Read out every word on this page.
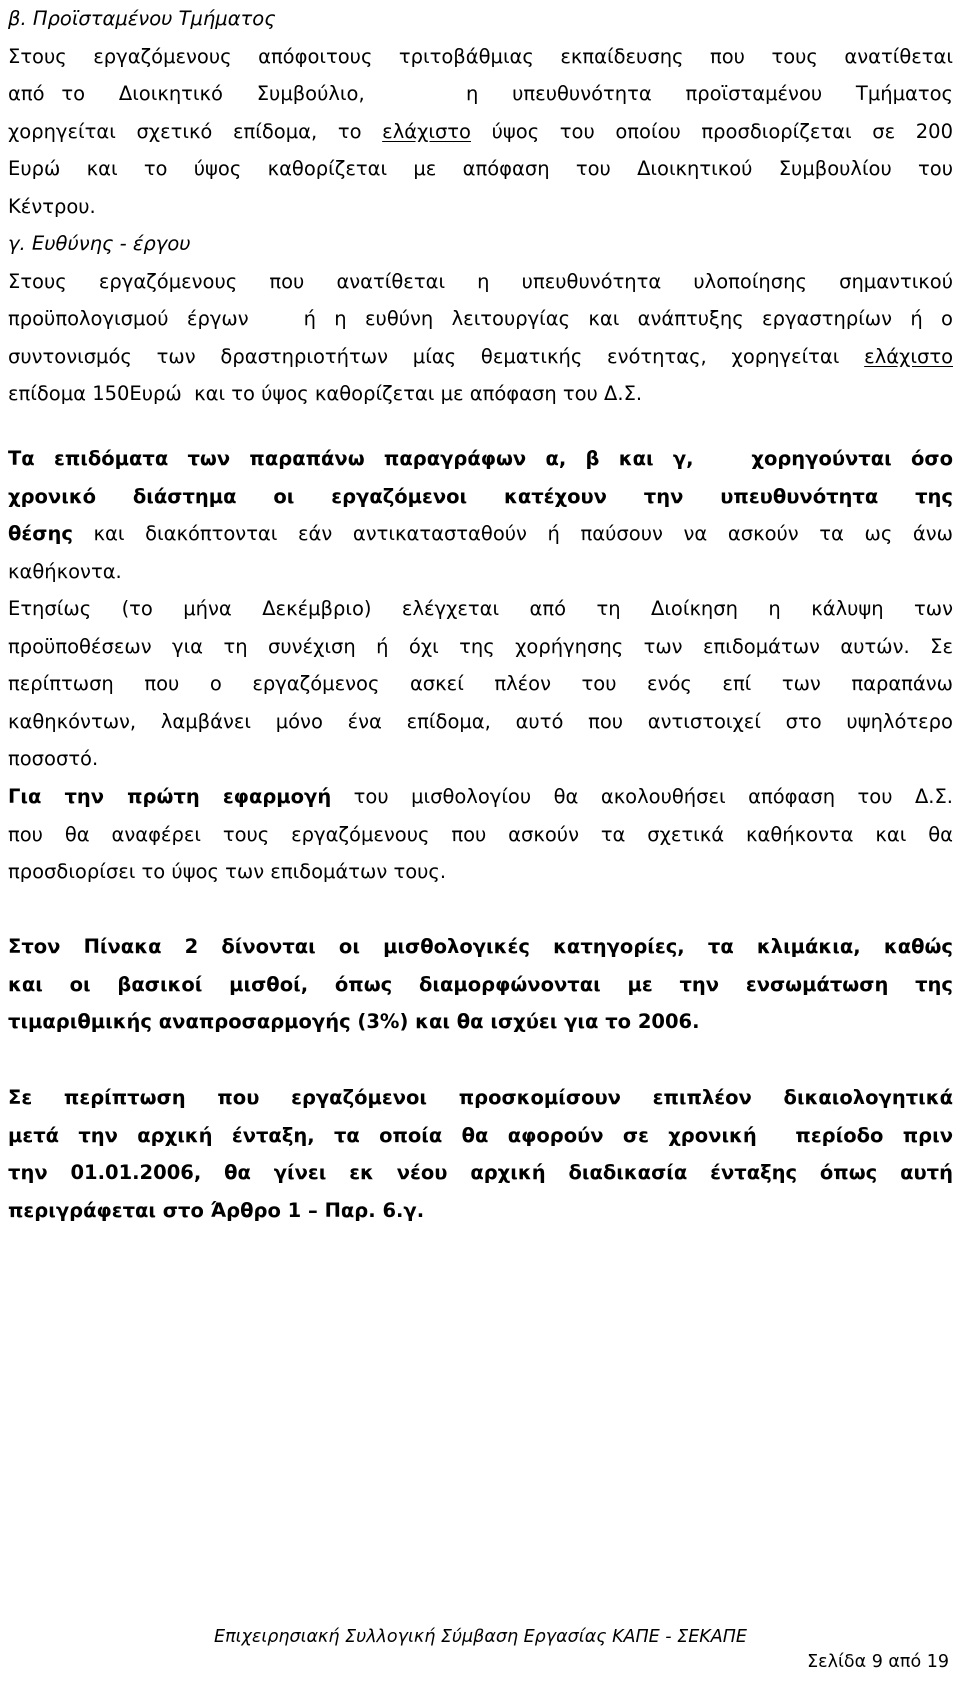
β. Προϊσταμένου Τμήματος
Στους εργαζόμενους απόφοιτους τριτοβάθμιας εκπαίδευσης που τους ανατίθεται
από το  Διοικητικό  Συμβούλιο,      η  υπευθυνότητα  προϊσταμένου  Τμήματος
χορηγείται σχετικό επίδομα, το ελάχιστο ύψος του οποίου προσδιορίζεται σε 200
Ευρώ και το ύψος καθορίζεται με απόφαση του Διοικητικού Συμβουλίου του
Κέντρου.
γ. Ευθύνης - έργου
Στους εργαζόμενους που ανατίθεται η υπευθυνότητα υλοποίησης σημαντικού
προϋπολογισμού έργων   ή η ευθύνη λειτουργίας και ανάπτυξης εργαστηρίων ή ο
συντονισμός των δραστηριοτήτων μίας θεματικής ενότητας, χορηγείται ελάχιστο
επίδομα 150Ευρώ  και το ύψος καθορίζεται με απόφαση του Δ.Σ.
Τα επιδόματα των παραπάνω παραγράφων α, β και γ,   χορηγούνται όσο
χρονικό διάστημα οι εργαζόμενοι κατέχουν την υπευθυνότητα της
θέσης και διακόπτονται εάν αντικατασταθούν ή παύσουν να ασκούν τα ως άνω
καθήκοντα.
Ετησίως (το μήνα Δεκέμβριο) ελέγχεται από τη Διοίκηση η κάλυψη των
προϋποθέσεων για τη συνέχιση ή όχι της χορήγησης των επιδομάτων αυτών. Σε
περίπτωση που ο εργαζόμενος ασκεί πλέον του ενός επί των παραπάνω
καθηκόντων, λαμβάνει μόνο ένα επίδομα, αυτό που αντιστοιχεί στο υψηλότερο
ποσοστό.
Για την πρώτη εφαρμογή του μισθολογίου θα ακολουθήσει απόφαση του Δ.Σ.
που θα αναφέρει τους εργαζόμενους που ασκούν τα σχετικά καθήκοντα και θα
προσδιορίσει το ύψος των επιδομάτων τους.
Στον Πίνακα 2 δίνονται οι μισθολογικές κατηγορίες, τα κλιμάκια, καθώς
και οι βασικοί μισθοί, όπως διαμορφώνονται με την ενσωμάτωση της
τιμαριθμικής αναπροσαρμογής (3%) και θα ισχύει για το 2006.
Σε περίπτωση που εργαζόμενοι προσκομίσουν επιπλέον δικαιολογητικά
μετά την αρχική ένταξη, τα οποία θα αφορούν σε χρονική  περίοδο πριν
την 01.01.2006, θα γίνει εκ νέου αρχική διαδικασία ένταξης όπως αυτή
περιγράφεται στο Άρθρο 1 – Παρ. 6.γ.
Επιχειρησιακή Συλλογική Σύμβαση Εργασίας ΚΑΠΕ - ΣΕΚΑΠΕ
Σελίδα 9 από 19
